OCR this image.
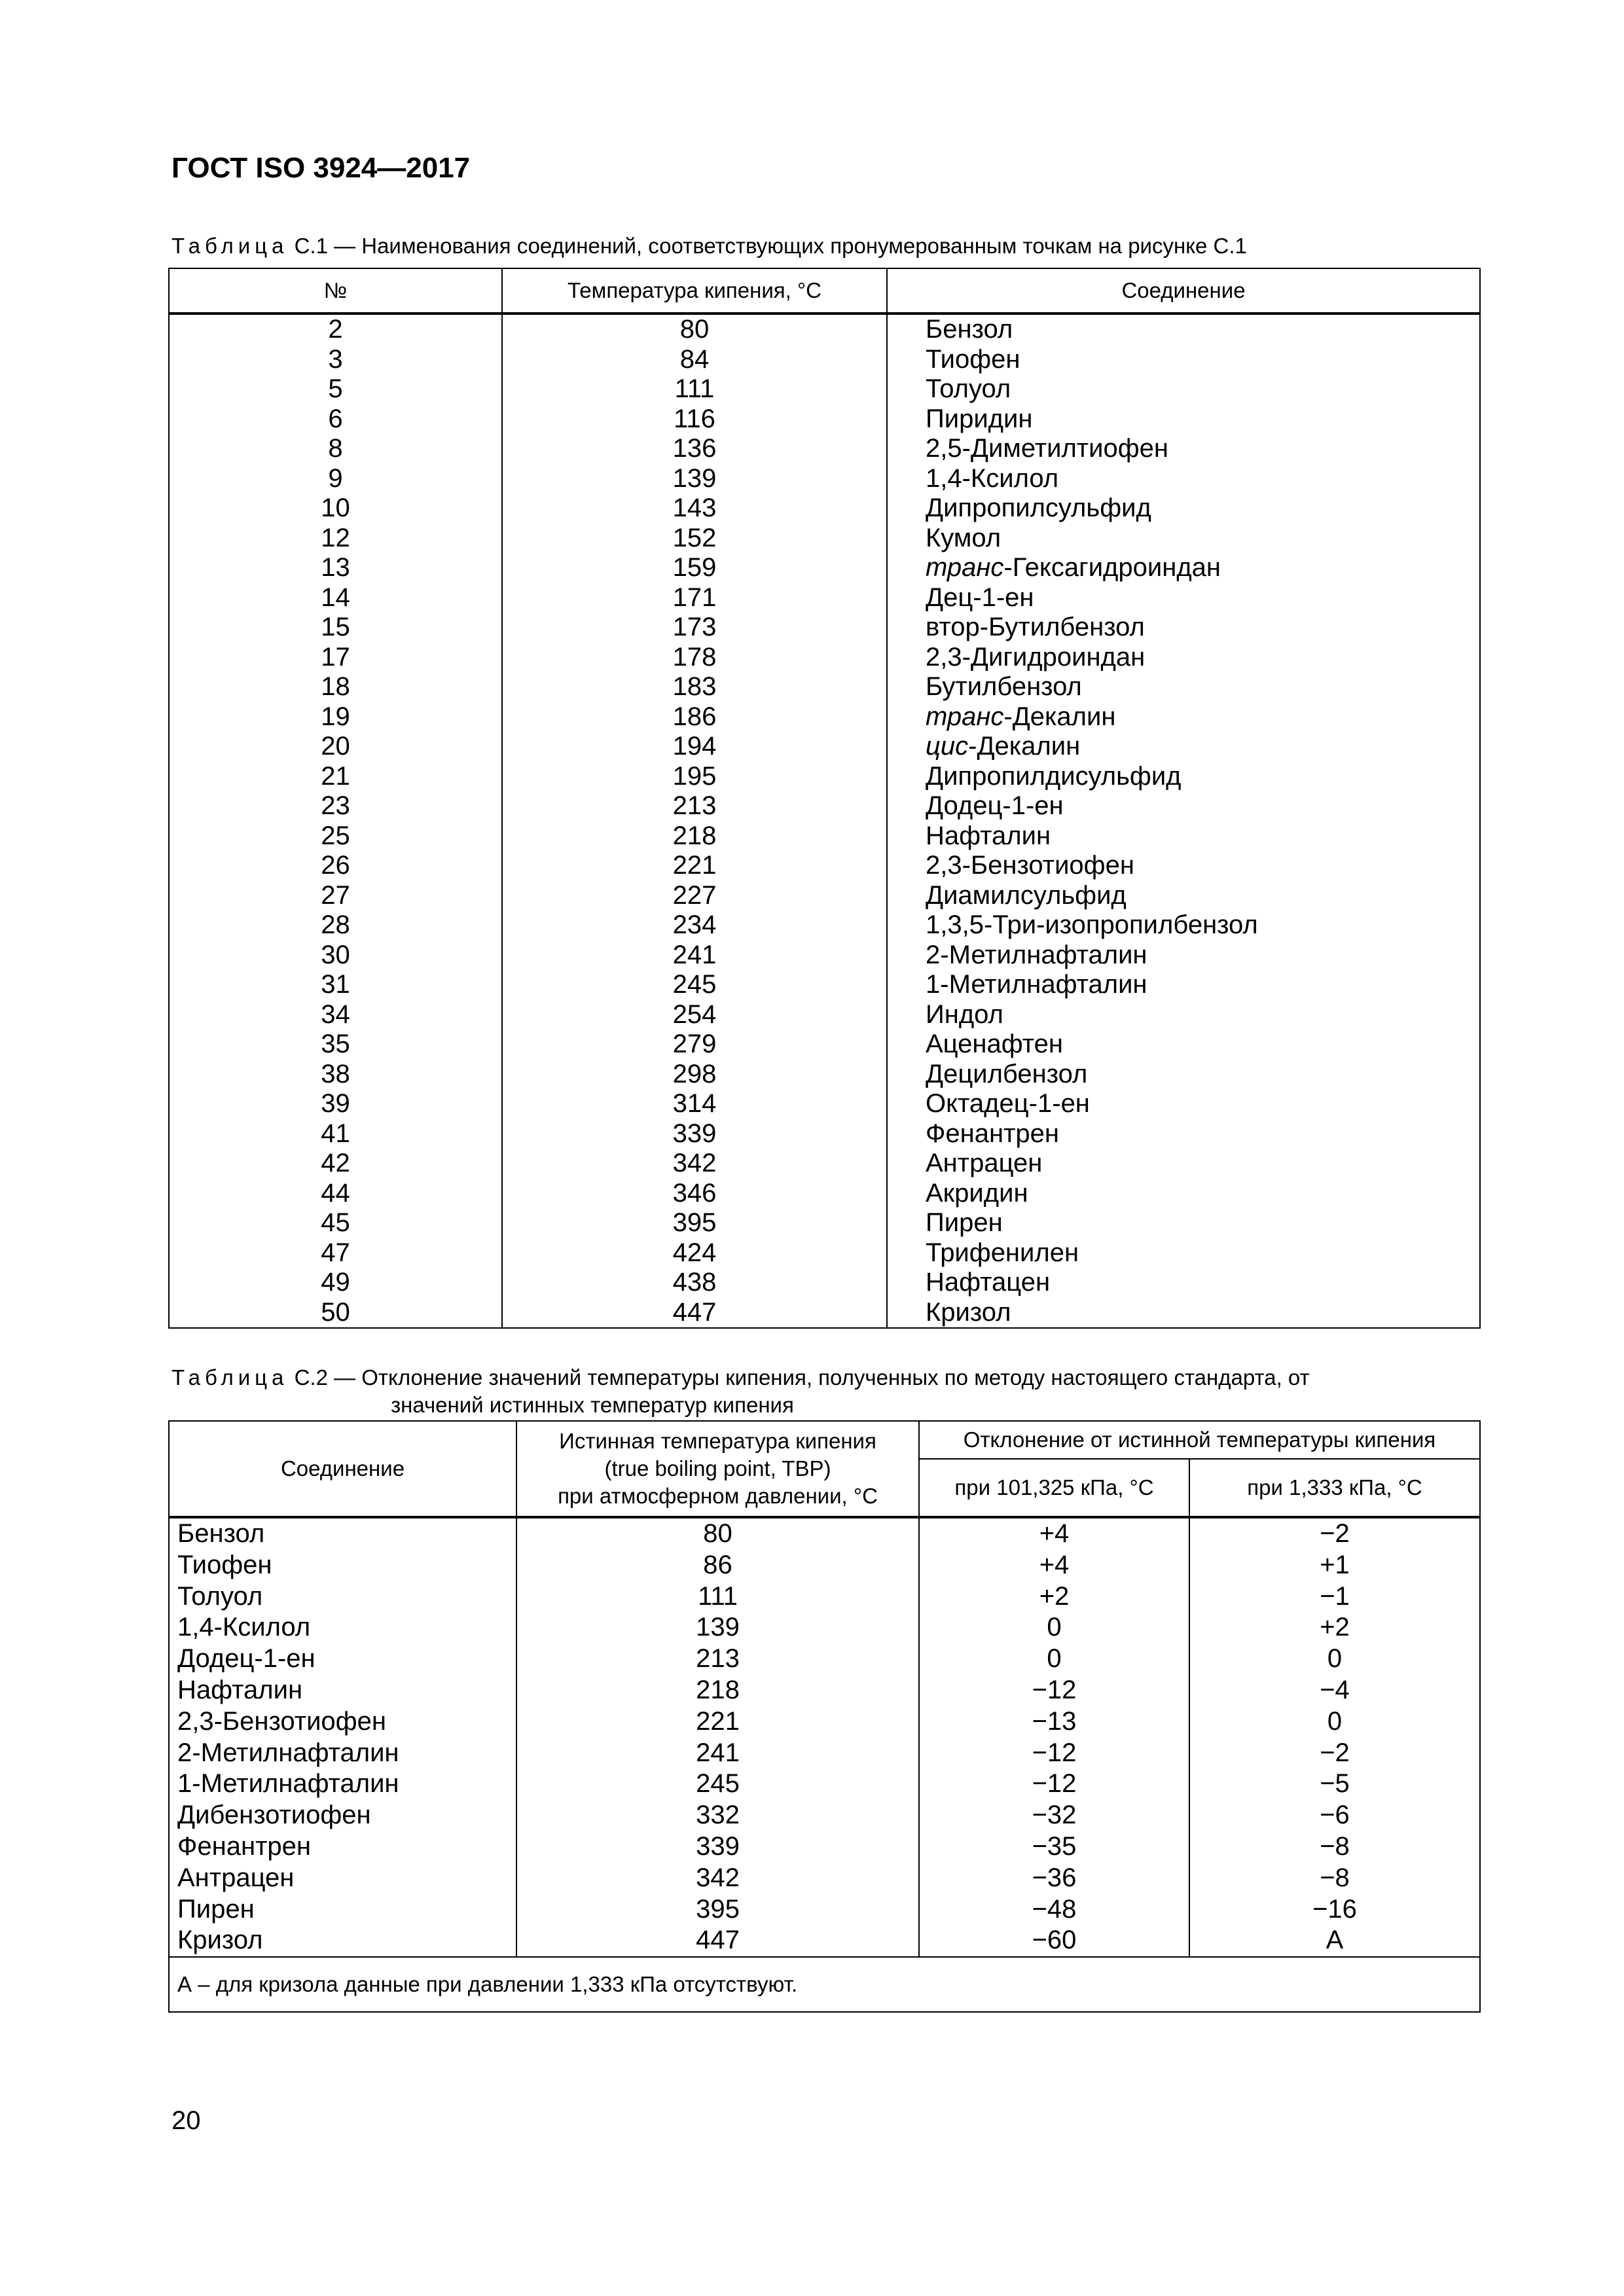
ГОСТ ISO 3924—2017
Таблица С.1 — Наименования соединений, соответствующих пронумерованным точкам на рисунке С.1
№	Температура кипения, °С	Соединение
2	80	Бензол
3	84	Тиофен
5	111	Толуол
6	116	Пиридин
8	136	2,5-Диметилтиофен
9	139	1,4-Ксилол
10	143	Дипропилсульфид
12	152	Кумол
13	159	транс-Гексагидроиндан
14	171	Дец-1-ен
15	173	втор-Бутилбензол
17	178	2,3-Дигидроиндан
18	183	Бутилбензол
19	186	транс-Декалин
20	194	цис-Декалин
21	195	Дипропилдисульфид
23	213	Додец-1-ен
25	218	Нафталин
26	221	2,3-Бензотиофен
27	227	Диамилсульфид
28	234	1,3,5-Три-изопропилбензол
30	241	2-Метилнафталин
31	245	1-Метилнафталин
34	254	Индол
35	279	Аценафтен
38	298	Децилбензол
39	314	Октадец-1-ен
41	339	Фенантрен
42	342	Антрацен
44	346	Акридин
45	395	Пирен
47	424	Трифенилен
49	438	Нафтацен
50	447	Кризол
Таблица С.2 — Отклонение значений температуры кипения, полученных по методу настоящего стандарта, от
значений истинных температур кипения
Соединение	Истинная температура кипения
(true boiling point, TBP)
при атмосферном давлении, °С	Отклонение от истинной температуры кипения	
		при 101,325 кПа, °С	при 1,333 кПа, °С
Бензол	80	+4	−2
Тиофен	86	+4	+1
Толуол	111	+2	−1
1,4-Ксилол	139	0	+2
Додец-1-ен	213	0	0
Нафталин	218	−12	−4
2,3-Бензотиофен	221	−13	0
2-Метилнафталин	241	−12	−2
1-Метилнафталин	245	−12	−5
Дибензотиофен	332	−32	−6
Фенантрен	339	−35	−8
Антрацен	342	−36	−8
Пирен	395	−48	−16
Кризол	447	−60	А
А – для кризола данные при давлении 1,333 кПа отсутствуют.			
20
